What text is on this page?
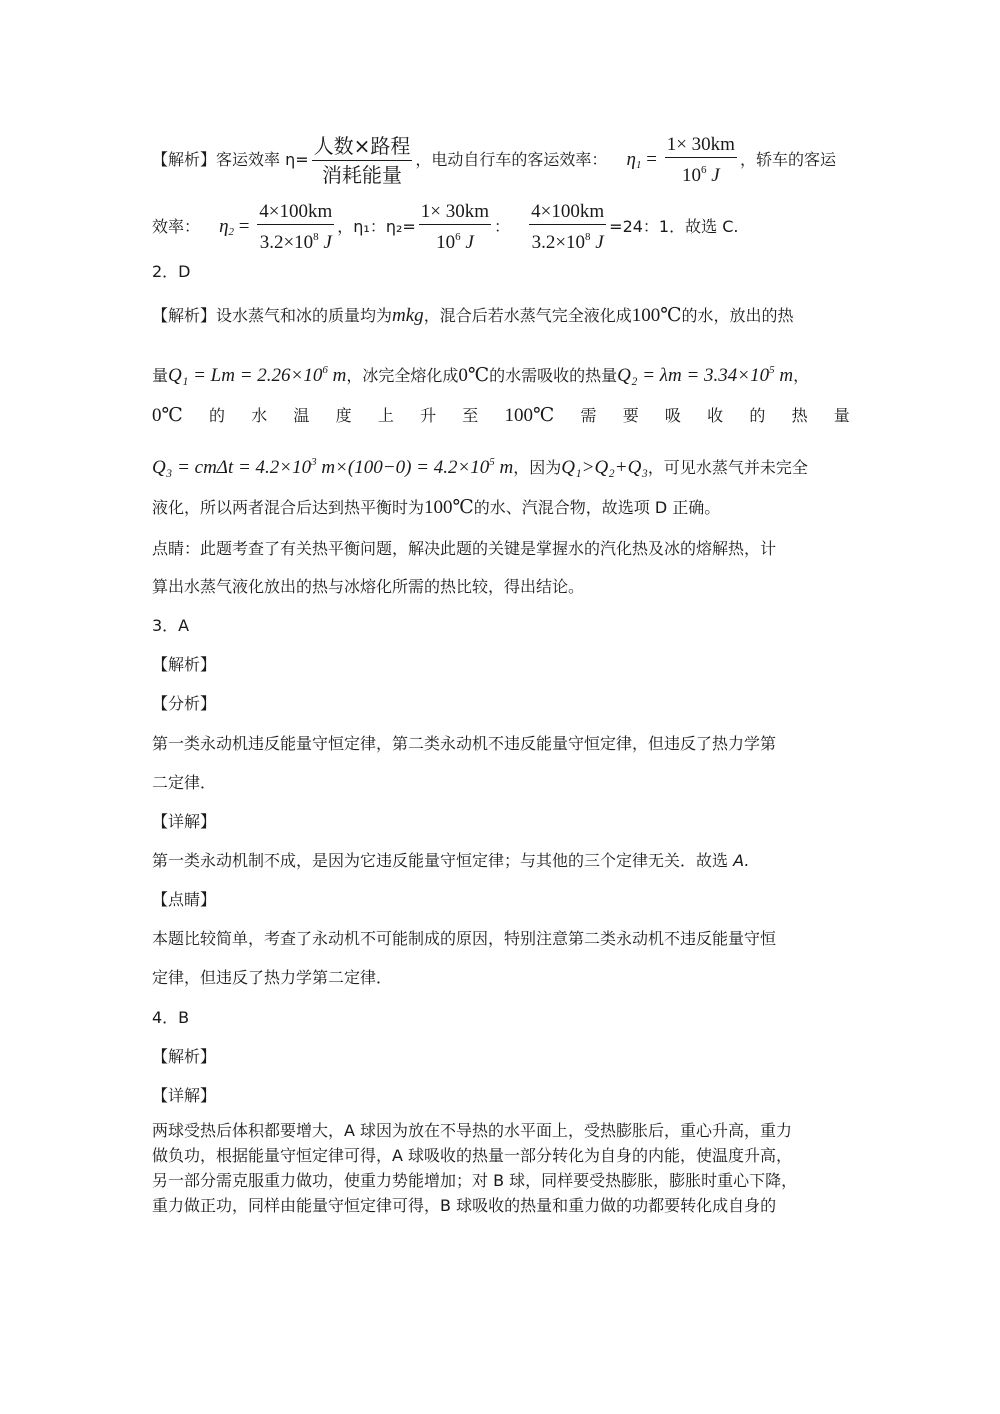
【解析】客运效率 $\eta= \frac{\text{人数×路程}}{\text{消耗能量}}$ ，电动自行车的客运效率： $\eta_1 = \frac{1\times 30km}{10^6 J}$ ，轿车的客运
效率： $\eta_2 = \frac{4\times 100km}{3.2\times 10^8 J}$ ，η₁：$\eta_2= \frac{1\times 30km}{10^6 J}$ ： $\frac{4\times 100km}{3.2\times 10^8 J} =24$：1．故选 C.
2．D
【解析】设水蒸气和冰的质量均为mkg，混合后若水蒸气完全液化成100℃的水，放出的热
量$Q_1 = Lm = 2.26\times 10^6$ m，冰完全熔化成0℃的水需吸收的热量$Q_2 = \lambda m = 3.34\times 10^5$ m，
0℃ 的 水 温 度 上 升 至 100℃ 需 要 吸 收 的 热 量
$Q_3 = cm\Delta t = 4.2\times 10^3$ $m\times(100-0) = 4.2\times 10^5$ m，因为Q₁>Q₂+Q₃，可见水蒸气并未完全
液化，所以两者混合后达到热平衡时为100℃的水、汽混合物，故选项 D 正确。
点睛：此题考查了有关热平衡问题，解决此题的关键是掌握水的汽化热及冰的熔解热，计
算出水蒸气液化放出的热与冰熔化所需的热比较，得出结论。
3．A
【解析】
【分析】
第一类永动机违反能量守恒定律，第二类永动机不违反能量守恒定律，但违反了热力学第
二定律．
【详解】
第一类永动机制不成，是因为它违反能量守恒定律；与其他的三个定律无关．故选 A.
【点睛】
本题比较简单，考查了永动机不可能制成的原因，特别注意第二类永动机不违反能量守恒
定律，但违反了热力学第二定律．
4．B
【解析】
【详解】
两球受热后体积都要增大，A 球因为放在不导热的水平面上，受热膨胀后，重心升高，重力
做负功，根据能量守恒定律可得，A 球吸收的热量一部分转化为自身的内能，使温度升高，
另一部分需克服重力做功，使重力势能增加；对 B 球，同样要受热膨胀，膨胀时重心下降，
重力做正功，同样由能量守恒定律可得，B 球吸收的热量和重力做的功都要转化成自身的
